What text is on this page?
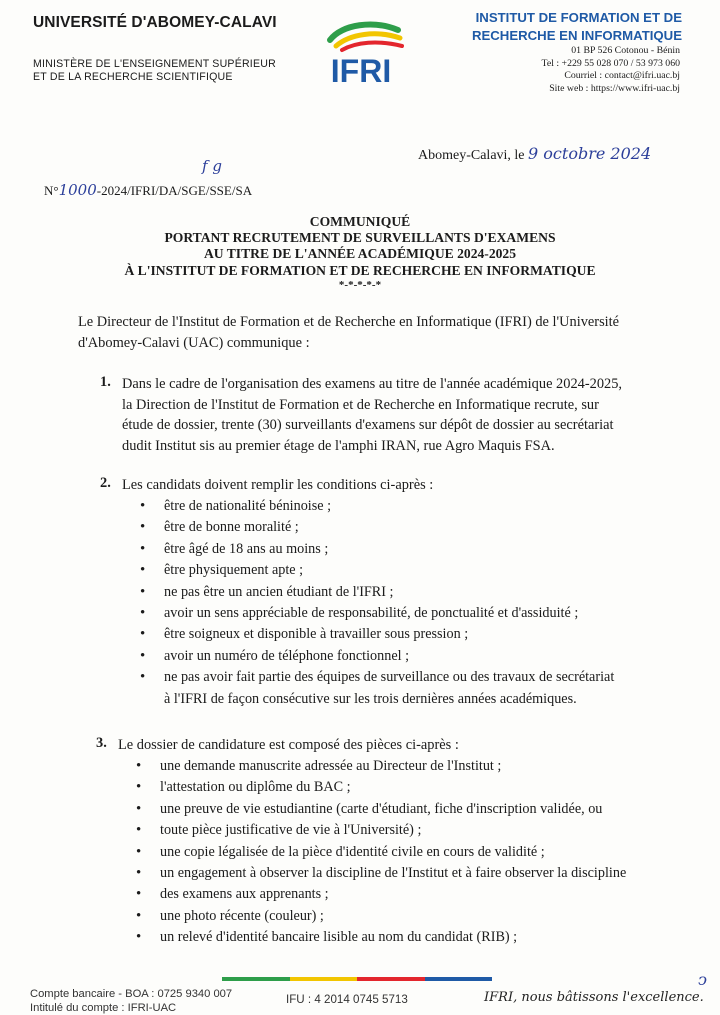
UNIVERSITÉ D'ABOMEY-CALAVI
MINISTÈRE DE L'ENSEIGNEMENT SUPÉRIEUR
ET DE LA RECHERCHE SCIENTIFIQUE	IFRI
INSTITUT DE FORMATION ET DE
RECHERCHE EN INFORMATIQUE
01 BP 526 Cotonou - Bénin
Tel : +229 55 028 070 / 53 973 060
Courriel : contact@ifri.uac.bj
Site web : https://www.ifri-uac.bj
Abomey-Calavi, le 9 octobre 2024
f g
N°1000-2024/IFRI/DA/SGE/SSE/SA
COMMUNIQUÉ
PORTANT RECRUTEMENT DE SURVEILLANTS D'EXAMENS
AU TITRE DE L'ANNÉE ACADÉMIQUE 2024-2025
À L'INSTITUT DE FORMATION ET DE RECHERCHE EN INFORMATIQUE
*-*-*-*-*
Le Directeur de l'Institut de Formation et de Recherche en Informatique (IFRI) de l'Université
d'Abomey-Calavi (UAC) communique :
1. Dans le cadre de l'organisation des examens au titre de l'année académique 2024-2025,
la Direction de l'Institut de Formation et de Recherche en Informatique recrute, sur
étude de dossier, trente (30) surveillants d'examens sur dépôt de dossier au secrétariat
dudit Institut sis au premier étage de l'amphi IRAN, rue Agro Maquis FSA.
2. Les candidats doivent remplir les conditions ci-après :
• être de nationalité béninoise ;
• être de bonne moralité ;
• être âgé de 18 ans au moins ;
• être physiquement apte ;
• ne pas être un ancien étudiant de l'IFRI ;
• avoir un sens appréciable de responsabilité, de ponctualité et d'assiduité ;
• être soigneux et disponible à travailler sous pression ;
• avoir un numéro de téléphone fonctionnel ;
• ne pas avoir fait partie des équipes de surveillance ou des travaux de secrétariat
à l'IFRI de façon consécutive sur les trois dernières années académiques.
3. Le dossier de candidature est composé des pièces ci-après :
• une demande manuscrite adressée au Directeur de l'Institut ;
• l'attestation ou diplôme du BAC ;
• une preuve de vie estudiantine (carte d'étudiant, fiche d'inscription validée, ou
• toute pièce justificative de vie à l'Université) ;
• une copie légalisée de la pièce d'identité civile en cours de validité ;
• un engagement à observer la discipline de l'Institut et à faire observer la discipline
• des examens aux apprenants ;
• une photo récente (couleur) ;
• un relevé d'identité bancaire lisible au nom du candidat (RIB) ;
Compte bancaire - BOA : 0725 9340 007
Intitulé du compte : IFRI-UAC
IFU : 4 2014 0745 5713	IFRI, nous bâtissons l'excellence.
ↄ
